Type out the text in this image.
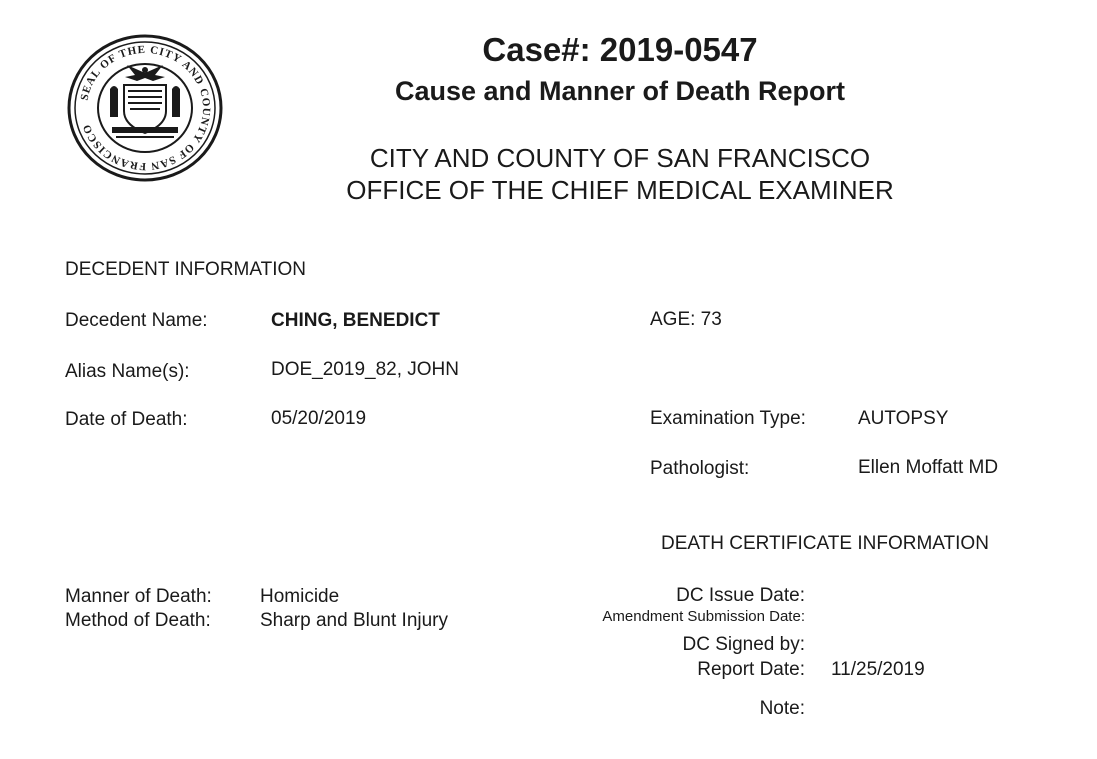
SEAL OF THE CITY AND COUNTY OF SAN FRANCISCO
Case#: 2019-0547
Cause and Manner of Death Report
CITY AND COUNTY OF SAN FRANCISCO
OFFICE OF THE CHIEF MEDICAL EXAMINER
DECEDENT INFORMATION
Decedent Name:	CHING, BENEDICT	AGE: 73
Alias Name(s):	DOE_2019_82, JOHN
Date of Death:	05/20/2019	Examination Type:	AUTOPSY
Pathologist:	Ellen Moffatt MD
DEATH CERTIFICATE INFORMATION
Manner of Death:	Homicide
Method of Death:	Sharp and Blunt Injury
DC Issue Date:
Amendment Submission Date:
DC Signed by:
Report Date: 11/25/2019
Note:
